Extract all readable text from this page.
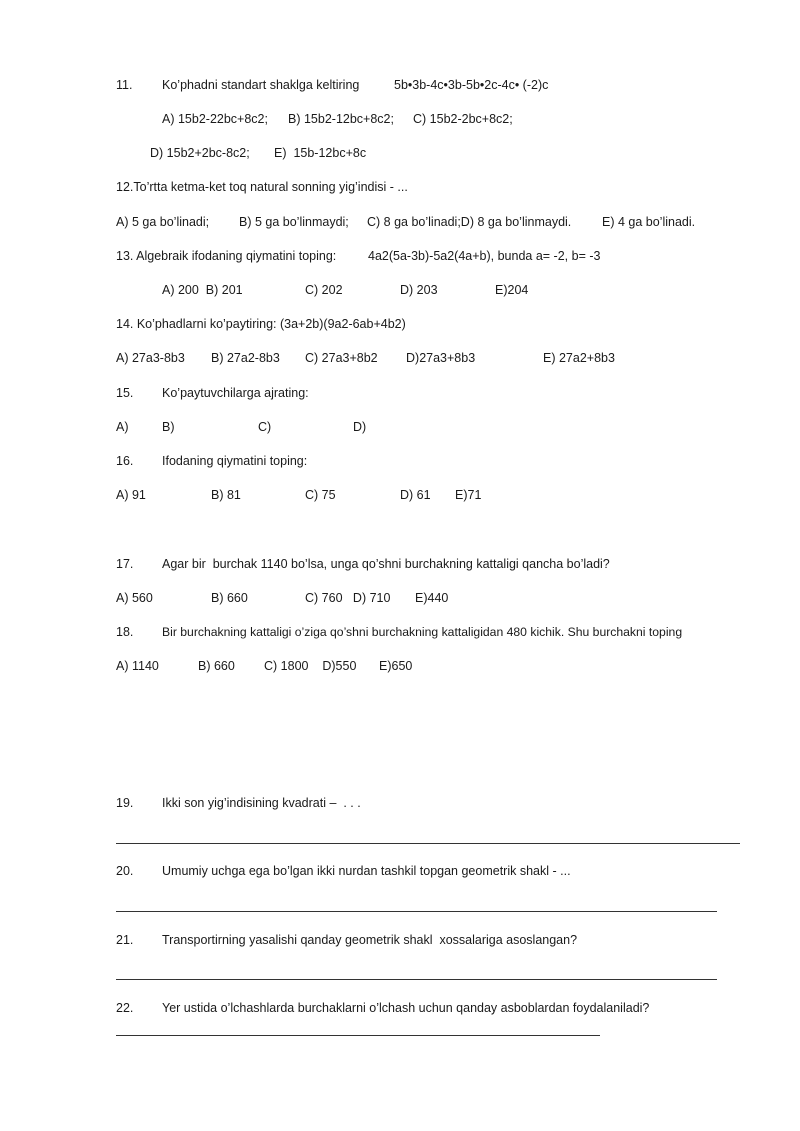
11. Ko’phadni standart shaklga keltiring	5b•3b-4c•3b-5b•2c-4c• (-2)c
A) 15b2-22bc+8c2; B) 15b2-12bc+8c2; C) 15b2-2bc+8c2;
D) 15b2+2bc-8c2; E)  15b-12bc+8c
12.To’rtta ketma-ket toq natural sonning yig’indisi - ...
A) 5 ga bo’linadi; B) 5 ga bo’linmaydi; C) 8 ga bo’linadi;D) 8 ga bo’linmaydi. E) 4 ga bo’linadi.
13. Algebraik ifodaning qiymatini toping:	4a2(5a-3b)-5a2(4a+b), bunda a= -2, b= -3
A) 200  B) 201	C) 202	D) 203	E)204
14. Ko’phadlarni ko’paytiring: (3a+2b)(9a2-6ab+4b2)
A) 27a3-8b3 B) 27a2-8b3 C) 27a3+8b2 D)27a3+8b3	E) 27a2+8b3
15. Ko’paytuvchilarga ajrating:
A)	B)	C)	D)
16. Ifodaning qiymatini toping:
A) 91	B) 81	C) 75	D) 61 E)71
17. Agar bir  burchak 1140 bo’lsa, unga qo’shni burchakning kattaligi qancha bo’ladi?
A) 560	B) 660	C) 760   D) 710 E)440
18. Bir burchakning kattaligi o’ziga qo’shni burchakning kattaligidan 480 kichik. Shu burchakni toping
A) 1140	B) 660 C) 1800    D)550 E)650
19. Ikki son yig’indisining kvadrati –  . . .
20. Umumiy uchga ega bo’lgan ikki nurdan tashkil topgan geometrik shakl - ...
21. Transportirning yasalishi qanday geometrik shakl  xossalariga asoslangan?
22. Yer ustida o’lchashlarda burchaklarni o’lchash uchun qanday asboblardan foydalaniladi?
